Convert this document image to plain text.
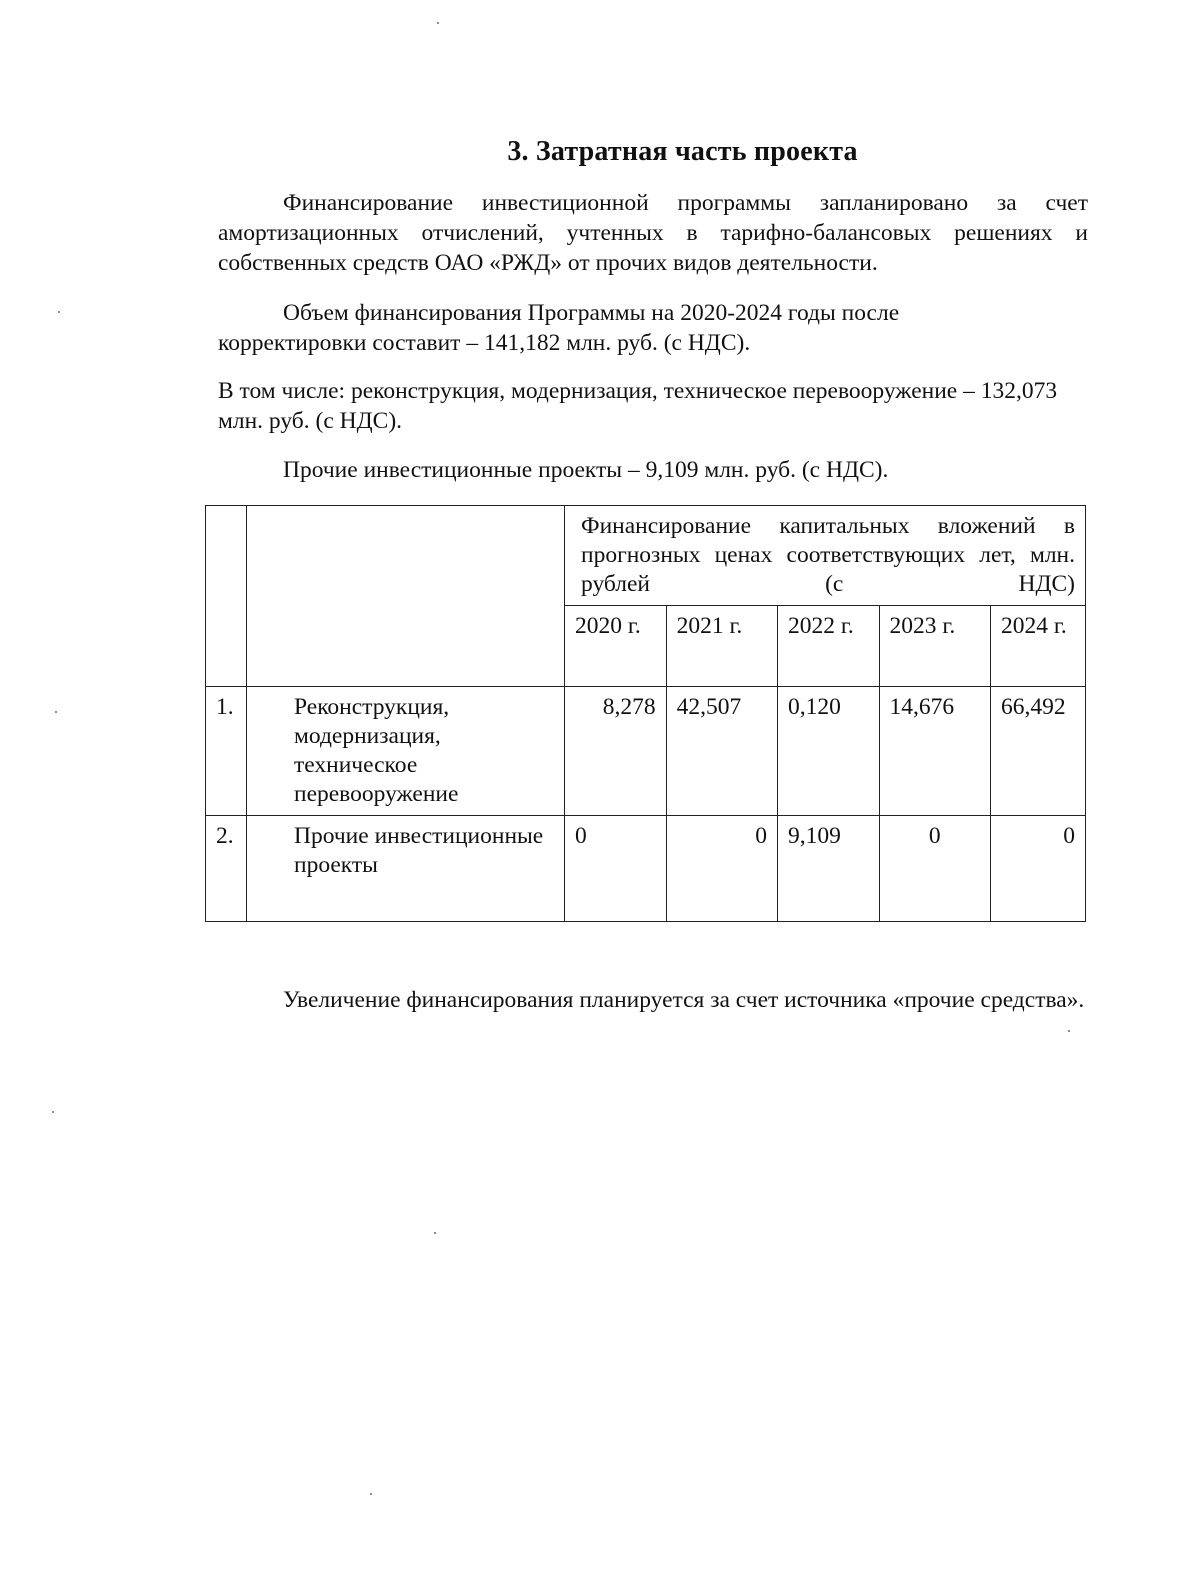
3. Затратная часть проекта
Финансирование инвестиционной программы запланировано за счет амортизационных отчислений, учтенных в тарифно-балансовых решениях и собственных средств ОАО «РЖД» от прочих видов деятельности.
Объем финансирования Программы на 2020-2024 годы после корректировки составит – 141,182 млн. руб. (с НДС).
В том числе: реконструкция, модернизация, техническое перевооружение – 132,073 млн. руб. (с НДС).
Прочие инвестиционные проекты – 9,109 млн. руб. (с НДС).
		Финансирование капитальных вложений в прогнозных ценах соответствующих лет, млн. рублей (с НДС)				
		2020 г.	2021 г.	2022 г.	2023 г.	2024 г.
1.	Реконструкция, модернизация, техническое перевооружение	8,278	42,507	0,120	14,676	66,492
2.	Прочие инвестиционные проекты	0	0	9,109	0	0
Увеличение финансирования планируется за счет источника «прочие средства».
